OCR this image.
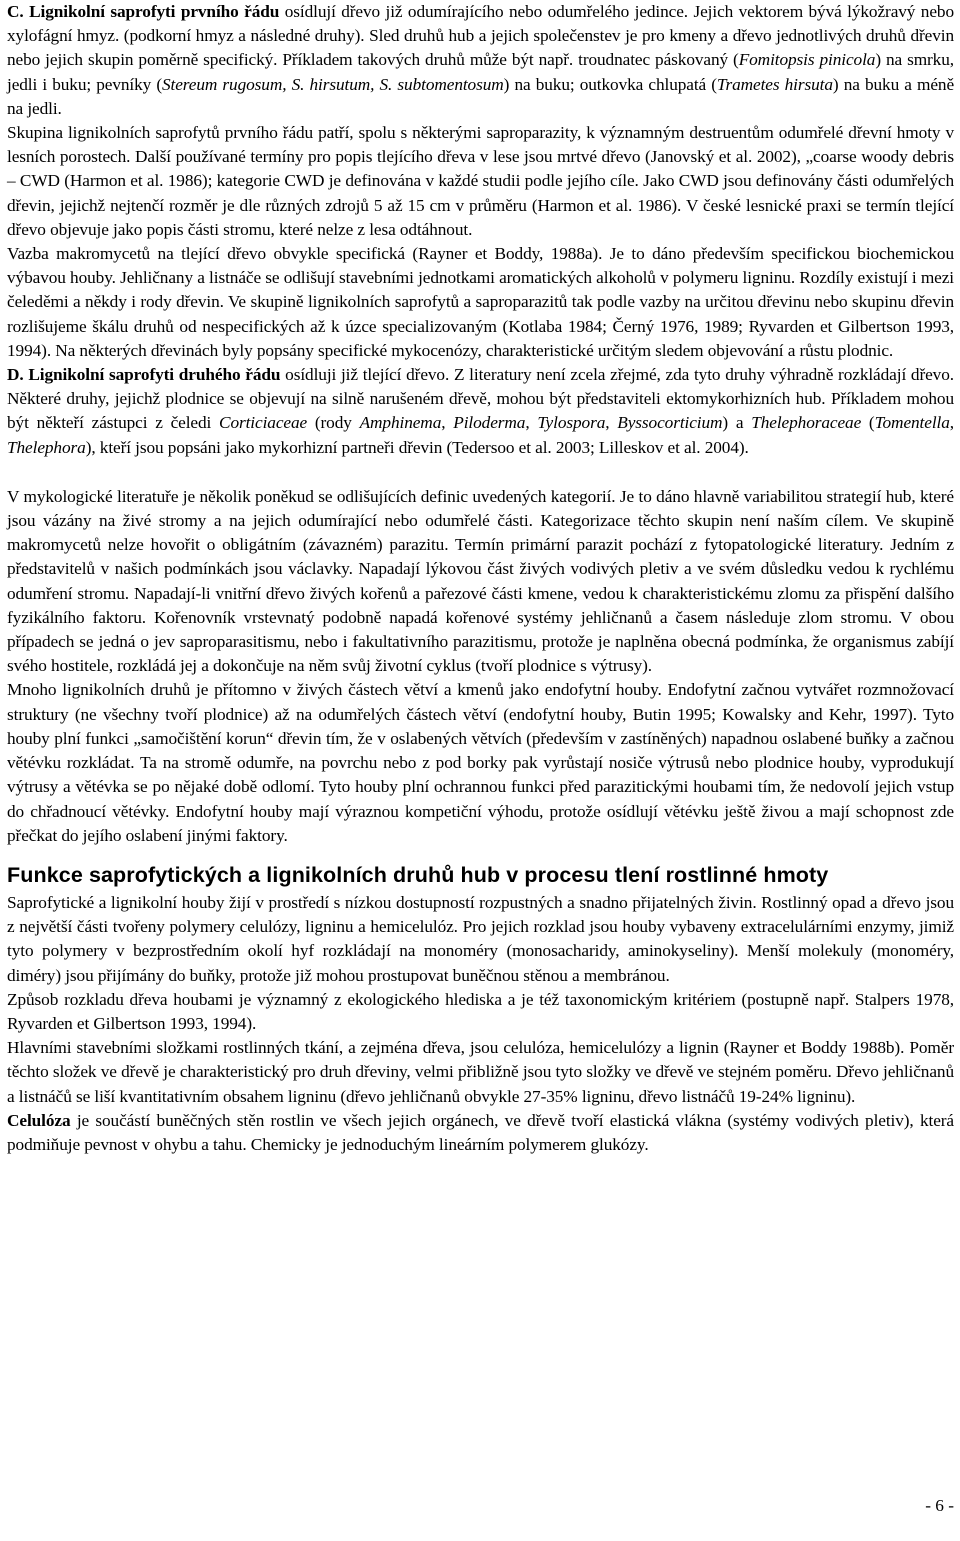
C. Lignikolní saprofyti prvního řádu osídlují dřevo již odumírajícího nebo odumřelého jedince. Jejich vektorem bývá lýkožravý nebo xylofágní hmyz. (podkorní hmyz a následné druhy). Sled druhů hub a jejich společenstev je pro kmeny a dřevo jednotlivých druhů dřevin nebo jejich skupin poměrně specifický. Příkladem takových druhů může být např. troudnatec páskovaný (Fomitopsis pinicola) na smrku, jedli i buku; pevníky (Stereum rugosum, S. hirsutum, S. subtomentosum) na buku; outkovka chlupatá (Trametes hirsuta) na buku a méně na jedli.

Skupina lignikolních saprofytů prvního řádu patří, spolu s některými saproparazity, k významným destruentům odumřelé dřevní hmoty v lesních porostech. Další používané termíny pro popis tlejícího dřeva v lese jsou mrtvé dřevo (Janovský et al. 2002), „coarse woody debris – CWD (Harmon et al. 1986); kategorie CWD je definována v každé studii podle jejího cíle. Jako CWD jsou definovány části odumřelých dřevin, jejichž nejtenčí rozměr je dle různých zdrojů 5 až 15 cm v průměru (Harmon et al. 1986). V české lesnické praxi se termín tlející dřevo objevuje jako popis části stromu, které nelze z lesa odtáhnout.

Vazba makromycetů na tlející dřevo obvykle specifická (Rayner et Boddy, 1988a). Je to dáno především specifickou biochemickou výbavou houby. Jehličnany a listnáče se odlišují stavebními jednotkami aromatických alkoholů v polymeru ligninu. Rozdíly existují i mezi čeleděmi a někdy i rody dřevin. Ve skupině lignikolních saprofytů a saproparazitů tak podle vazby na určitou dřevinu nebo skupinu dřevin rozlišujeme škálu druhů od nespecifických až k úzce specializovaným (Kotlaba 1984; Černý 1976, 1989; Ryvarden et Gilbertson 1993, 1994). Na některých dřevinách byly popsány specifické mykocenózy, charakteristické určitým sledem objevování a růstu plodnic.

D. Lignikolní saprofyti druhého řádu osídluji již tlející dřevo. Z literatury není zcela zřejmé, zda tyto druhy výhradně rozkládají dřevo. Některé druhy, jejichž plodnice se objevují na silně narušeném dřevě, mohou být představiteli ektomykorhizních hub. Příkladem mohou být někteří zástupci z čeledi Corticiaceae (rody Amphinema, Piloderma, Tylospora, Byssocorticium) a Thelephoraceae (Tomentella, Thelephora), kteří jsou popsáni jako mykorhizní partneři dřevin (Tedersoo et al. 2003; Lilleskov et al. 2004).

V mykologické literatuře je několik poněkud se odlišujících definic uvedených kategorií. Je to dáno hlavně variabilitou strategií hub, které jsou vázány na živé stromy a na jejich odumírající nebo odumřelé části. Kategorizace těchto skupin není naším cílem. Ve skupině makromycetů nelze hovořit o obligátním (závazném) parazitu. Termín primární parazit pochází z fytopatologické literatury. Jedním z představitelů v našich podmínkách jsou václavky. Napadají lýkovou část živých vodivých pletiv a ve svém důsledku vedou k rychlému odumření stromu. Napadají-li vnitřní dřevo živých kořenů a pařezové části kmene, vedou k charakteristickému zlomu za přispění dalšího fyzikálního faktoru. Kořenovník vrstevnatý podobně napadá kořenové systémy jehličnanů a časem následuje zlom stromu. V obou případech se jedná o jev saproparasitismu, nebo i fakultativního parazitismu, protože je naplněna obecná podmínka, že organismus zabíjí svého hostitele, rozkládá jej a dokončuje na něm svůj životní cyklus (tvoří plodnice s výtrusy).

Mnoho lignikolních druhů je přítomno v živých částech větví a kmenů jako endofytní houby. Endofytní začnou vytvářet rozmnožovací struktury (ne všechny tvoří plodnice) až na odumřelých částech větví (endofytní houby, Butin 1995; Kowalsky and Kehr, 1997). Tyto houby plní funkci „samočištění korun“ dřevin tím, že v oslabených větvích (především v zastíněných) napadnou oslabené buňky a začnou větévku rozkládat. Ta na stromě odumře, na povrchu nebo z pod borky pak vyrůstají nosiče výtrusů nebo plodnice houby, vyprodukují výtrusy a větévka se po nějaké době odlomí. Tyto houby plní ochrannou funkci před parazitickými houbami tím, že nedovolí jejich vstup do chřadnoucí větévky. Endofytní houby mají výraznou kompetiční výhodu, protože osídlují větévku ještě živou a mají schopnost zde přečkat do jejího oslabení jinými faktory.

Funkce saprofytických a lignikolních druhů hub v procesu tlení rostlinné hmoty

Saprofytické a lignikolní houby žijí v prostředí s nízkou dostupností rozpustných a snadno přijatelných živin. Rostlinný opad a dřevo jsou z největší části tvořeny polymery celulózy, ligninu a hemicelulóz. Pro jejich rozklad jsou houby vybaveny extracelulárními enzymy, jimiž tyto polymery v bezprostředním okolí hyf rozkládají na monoméry (monosacharidy, aminokyseliny). Menší molekuly (monoméry, diméry) jsou přijímány do buňky, protože již mohou prostupovat buněčnou stěnou a membránou.

Způsob rozkladu dřeva houbami je významný z ekologického hlediska a je též taxonomickým kritériem (postupně např. Stalpers 1978, Ryvarden et Gilbertson 1993, 1994).

Hlavními stavebními složkami rostlinných tkání, a zejména dřeva, jsou celulóza, hemicelulózy a lignin (Rayner et Boddy 1988b). Poměr těchto složek ve dřevě je charakteristický pro druh dřeviny, velmi přibližně jsou tyto složky ve dřevě ve stejném poměru. Dřevo jehličnanů a listnáčů se liší kvantitativním obsahem ligninu (dřevo jehličnanů obvykle 27-35% ligninu, dřevo listnáčů 19-24% ligninu).

Celulóza je součástí buněčných stěn rostlin ve všech jejich orgánech, ve dřevě tvoří elastická vlákna (systémy vodivých pletiv), která podmiňuje pevnost v ohybu a tahu. Chemicky je jednoduchým lineárním polymerem glukózy.

- 6 -
